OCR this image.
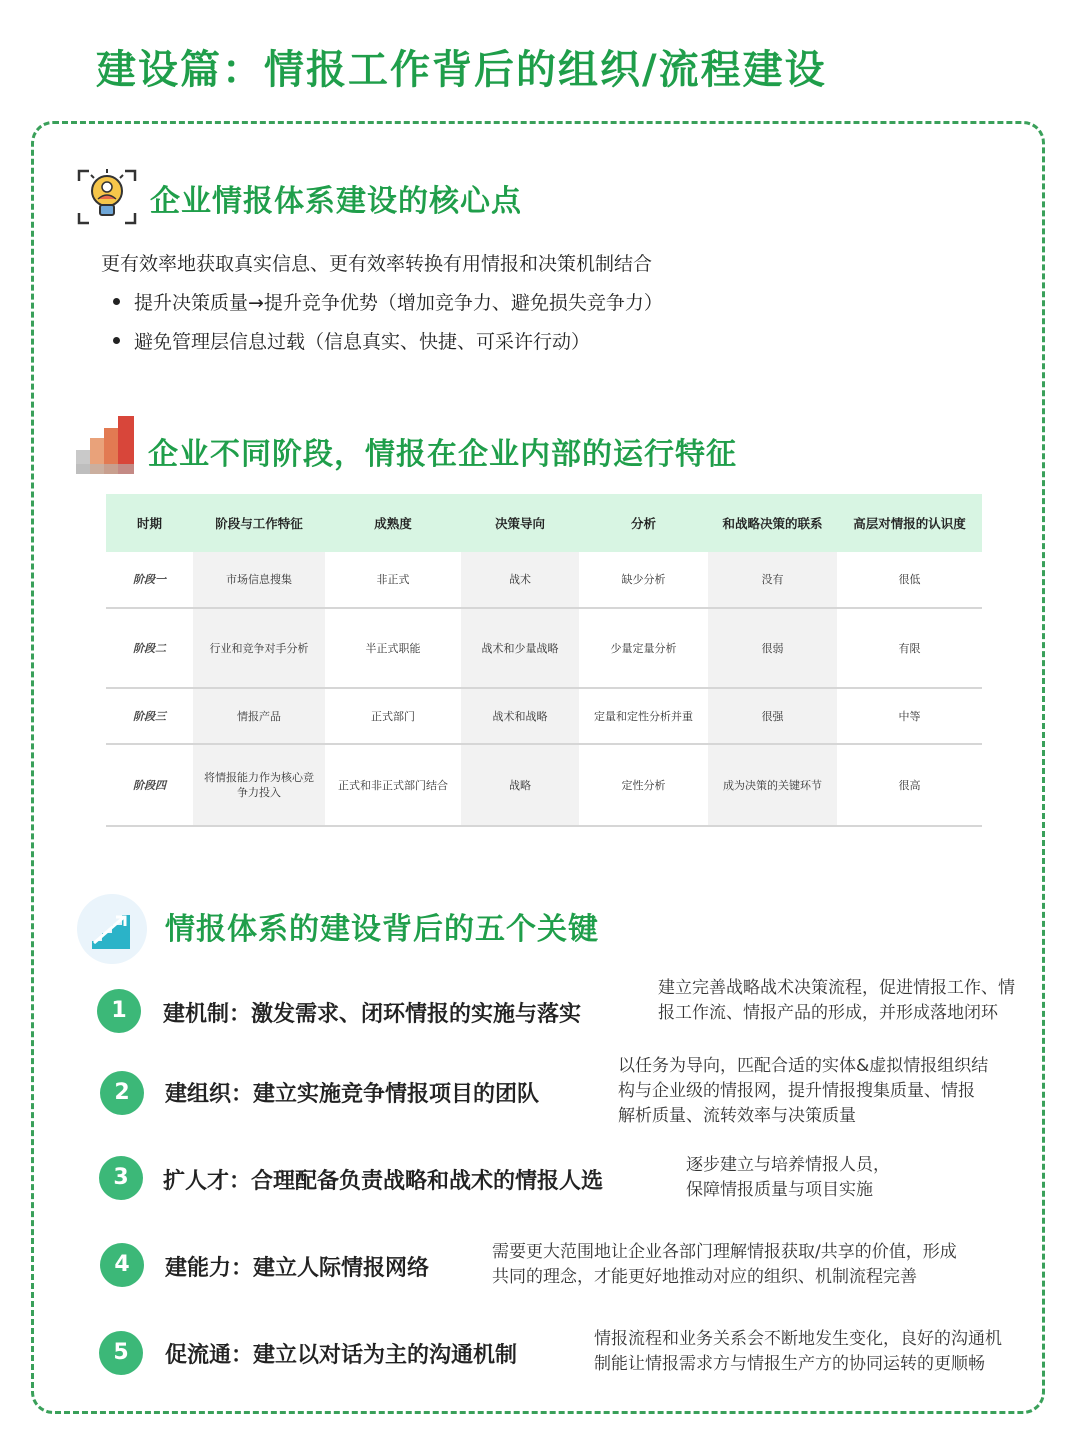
建设篇：情报工作背后的组织/流程建设
企业情报体系建设的核心点
更有效率地获取真实信息、更有效率转换有用情报和决策机制结合
提升决策质量→提升竞争优势（增加竞争力、避免损失竞争力）
避免管理层信息过载（信息真实、快捷、可采许行动）
企业不同阶段，情报在企业内部的运行特征
时期	阶段与工作特征	成熟度	决策导向	分析	和战略决策的联系	高层对情报的认识度
阶段一	市场信息搜集	非正式	战术	缺少分析	没有	很低
阶段二	行业和竞争对手分析	半正式职能	战术和少量战略	少量定量分析	很弱	有限
阶段三	情报产品	正式部门	战术和战略	定量和定性分析并重	很强	中等
阶段四	将情报能力作为核心竞争力投入	正式和非正式部门结合	战略	定性分析	成为决策的关键环节	很高
情报体系的建设背后的五个关键
1	建机制：激发需求、闭环情报的实施与落实
建立完善战略战术决策流程，促进情报工作、情
报工作流、情报产品的形成，并形成落地闭环
2	建组织：建立实施竞争情报项目的团队
以任务为导向，匹配合适的实体&虚拟情报组织结
构与企业级的情报网，提升情报搜集质量、情报
解析质量、流转效率与决策质量
3	扩人才：合理配备负责战略和战术的情报人选
逐步建立与培养情报人员，
保障情报质量与项目实施
4	建能力：建立人际情报网络
需要更大范围地让企业各部门理解情报获取/共享的价值，形成
共同的理念，才能更好地推动对应的组织、机制流程完善
5	促流通：建立以对话为主的沟通机制
情报流程和业务关系会不断地发生变化，良好的沟通机
制能让情报需求方与情报生产方的协同运转的更顺畅
